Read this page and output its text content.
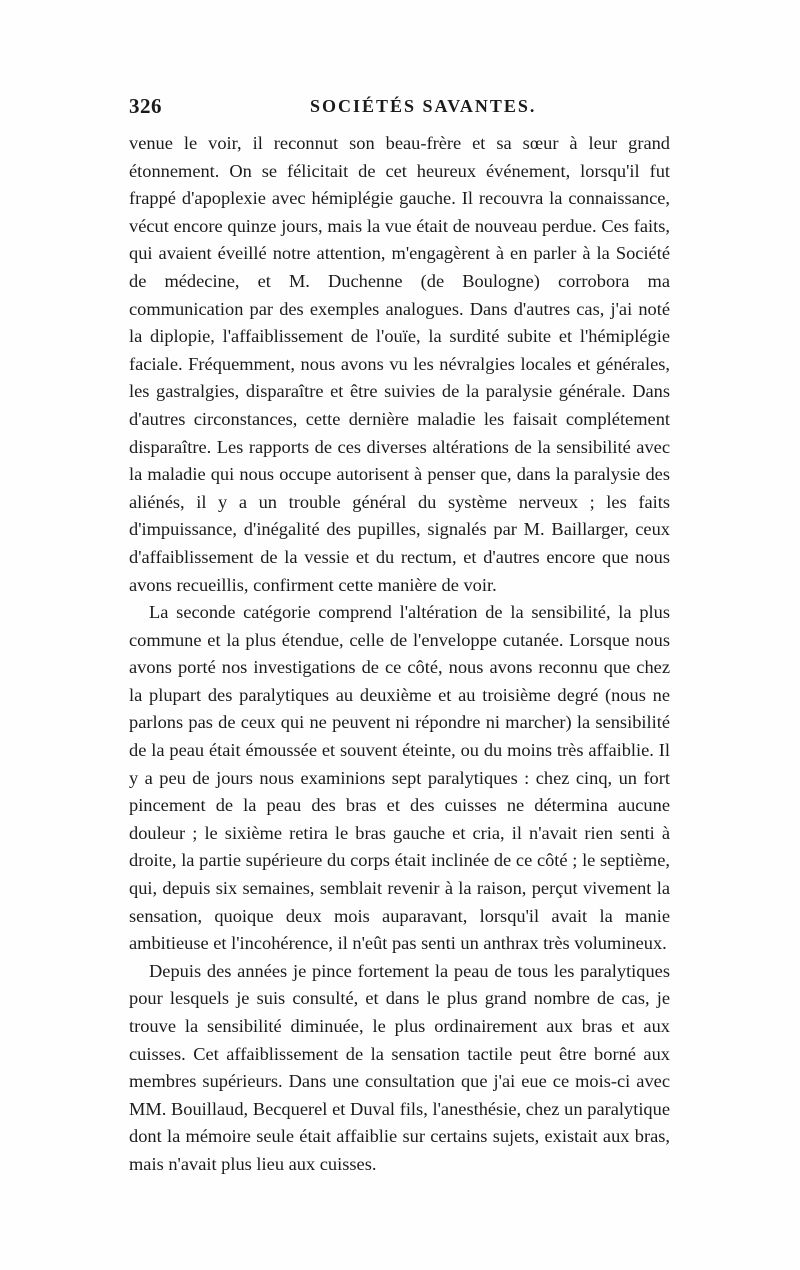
326	SOCIÉTÉS SAVANTES.

venue le voir, il reconnut son beau-frère et sa sœur à leur grand étonnement. On se félicitait de cet heureux événement, lorsqu'il fut frappé d'apoplexie avec hémiplégie gauche. Il recouvra la connaissance, vécut encore quinze jours, mais la vue était de nouveau perdue. Ces faits, qui avaient éveillé notre attention, m'engagèrent à en parler à la Société de médecine, et M. Duchenne (de Boulogne) corrobora ma communication par des exemples analogues. Dans d'autres cas, j'ai noté la diplopie, l'affaiblissement de l'ouïe, la surdité subite et l'hémiplégie faciale. Fréquemment, nous avons vu les névralgies locales et générales, les gastralgies, disparaître et être suivies de la paralysie générale. Dans d'autres circonstances, cette dernière maladie les faisait complétement disparaître. Les rapports de ces diverses altérations de la sensibilité avec la maladie qui nous occupe autorisent à penser que, dans la paralysie des aliénés, il y a un trouble général du système nerveux ; les faits d'impuissance, d'inégalité des pupilles, signalés par M. Baillarger, ceux d'affaiblissement de la vessie et du rectum, et d'autres encore que nous avons recueillis, confirment cette manière de voir.

La seconde catégorie comprend l'altération de la sensibilité, la plus commune et la plus étendue, celle de l'enveloppe cutanée. Lorsque nous avons porté nos investigations de ce côté, nous avons reconnu que chez la plupart des paralytiques au deuxième et au troisième degré (nous ne parlons pas de ceux qui ne peuvent ni répondre ni marcher) la sensibilité de la peau était émoussée et souvent éteinte, ou du moins très affaiblie. Il y a peu de jours nous examinions sept paralytiques : chez cinq, un fort pincement de la peau des bras et des cuisses ne détermina aucune douleur ; le sixième retira le bras gauche et cria, il n'avait rien senti à droite, la partie supérieure du corps était inclinée de ce côté ; le septième, qui, depuis six semaines, semblait revenir à la raison, perçut vivement la sensation, quoique deux mois auparavant, lorsqu'il avait la manie ambitieuse et l'incohérence, il n'eût pas senti un anthrax très volumineux.

Depuis des années je pince fortement la peau de tous les paralytiques pour lesquels je suis consulté, et dans le plus grand nombre de cas, je trouve la sensibilité diminuée, le plus ordinairement aux bras et aux cuisses. Cet affaiblissement de la sensation tactile peut être borné aux membres supérieurs. Dans une consultation que j'ai eue ce mois-ci avec MM. Bouillaud, Becquerel et Duval fils, l'anesthésie, chez un paralytique dont la mémoire seule était affaiblie sur certains sujets, existait aux bras, mais n'avait plus lieu aux cuisses.
